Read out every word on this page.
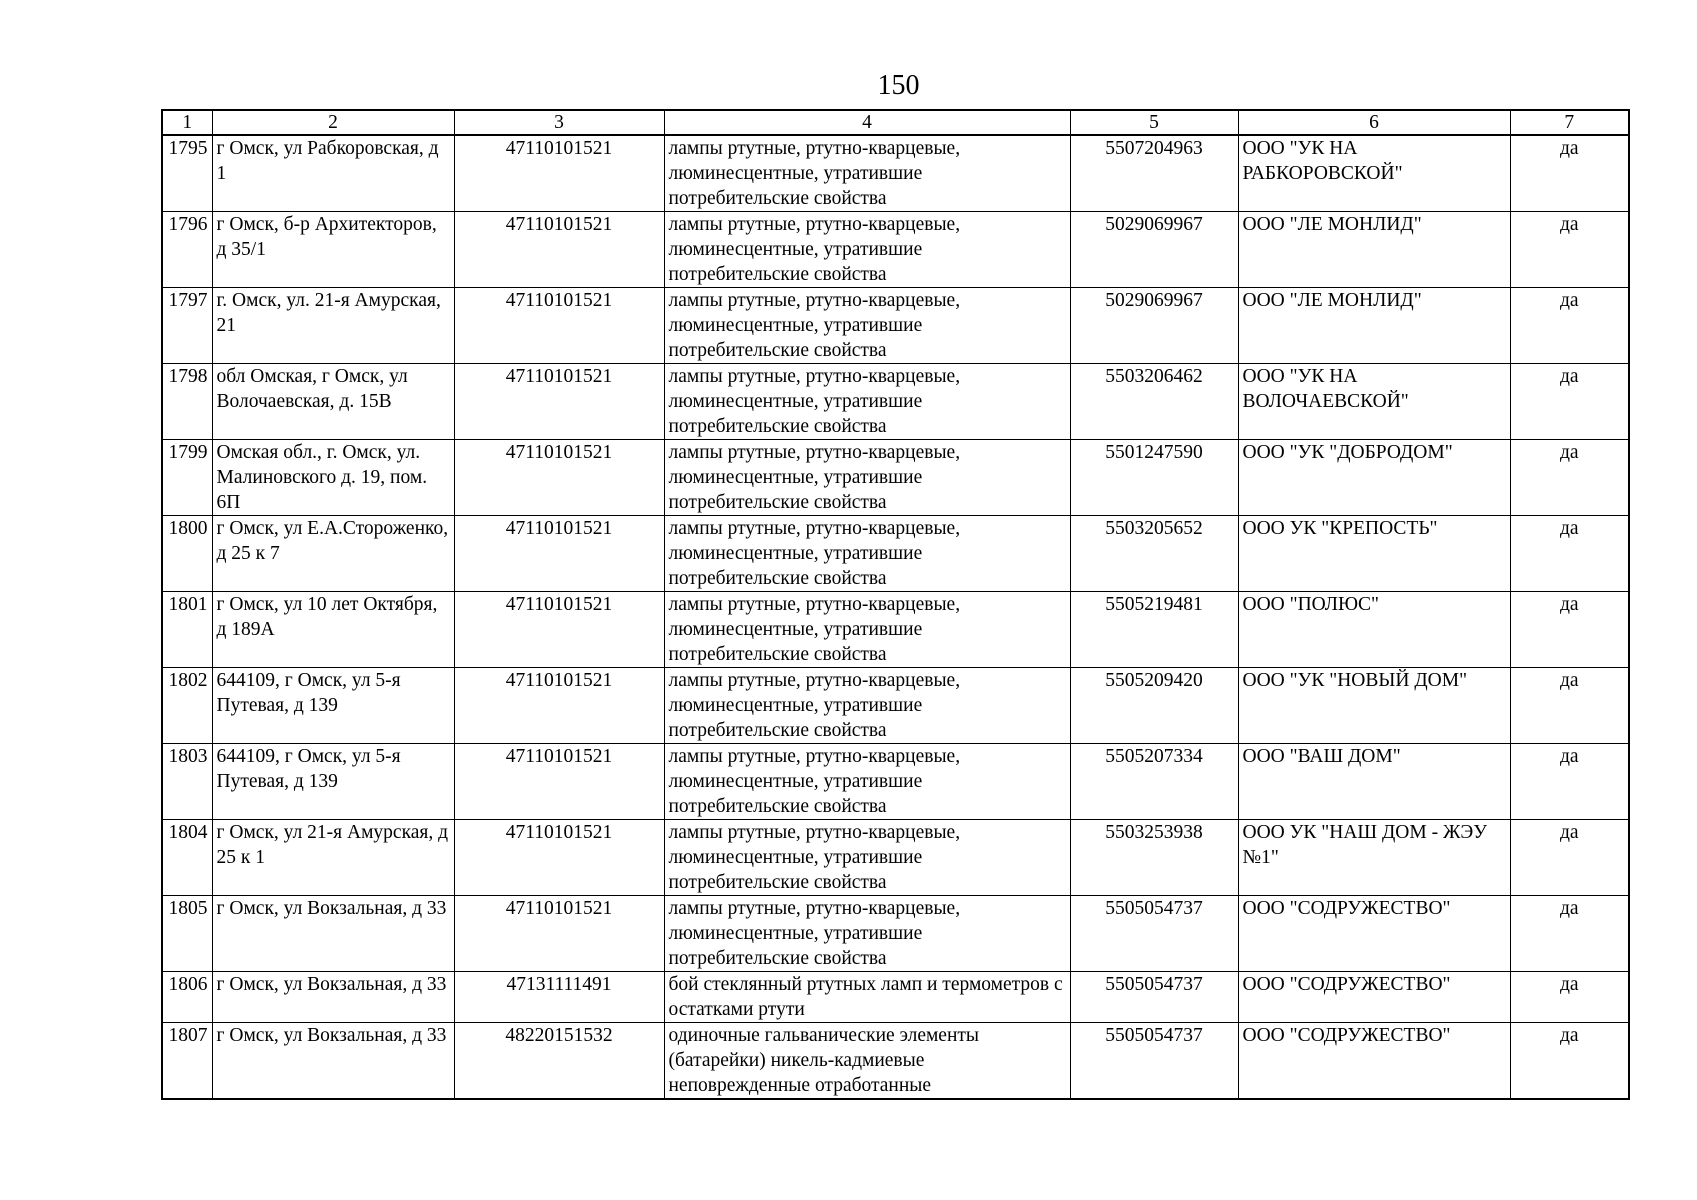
150
1	2	3	4	5	6	7
1795	г Омск, ул Рабкоровская, д 1	47110101521	лампы ртутные, ртутно-кварцевые, люминесцентные, утратившие потребительские свойства	5507204963	ООО "УК НА РАБКОРОВСКОЙ"	да
1796	г Омск, б-р Архитекторов, д 35/1	47110101521	лампы ртутные, ртутно-кварцевые, люминесцентные, утратившие потребительские свойства	5029069967	ООО "ЛЕ МОНЛИД"	да
1797	г. Омск, ул. 21-я Амурская, 21	47110101521	лампы ртутные, ртутно-кварцевые, люминесцентные, утратившие потребительские свойства	5029069967	ООО "ЛЕ МОНЛИД"	да
1798	обл Омская, г Омск, ул Волочаевская, д. 15В	47110101521	лампы ртутные, ртутно-кварцевые, люминесцентные, утратившие потребительские свойства	5503206462	ООО "УК НА ВОЛОЧАЕВСКОЙ"	да
1799	Омская обл., г. Омск, ул. Малиновского д. 19, пом. 6П	47110101521	лампы ртутные, ртутно-кварцевые, люминесцентные, утратившие потребительские свойства	5501247590	ООО "УК "ДОБРОДОМ"	да
1800	г Омск, ул Е.А.Стороженко, д 25 к 7	47110101521	лампы ртутные, ртутно-кварцевые, люминесцентные, утратившие потребительские свойства	5503205652	ООО УК "КРЕПОСТЬ"	да
1801	г Омск, ул 10 лет Октября, д 189А	47110101521	лампы ртутные, ртутно-кварцевые, люминесцентные, утратившие потребительские свойства	5505219481	ООО "ПОЛЮС"	да
1802	644109, г Омск, ул 5-я Путевая, д 139	47110101521	лампы ртутные, ртутно-кварцевые, люминесцентные, утратившие потребительские свойства	5505209420	ООО "УК "НОВЫЙ ДОМ"	да
1803	644109, г Омск, ул 5-я Путевая, д 139	47110101521	лампы ртутные, ртутно-кварцевые, люминесцентные, утратившие потребительские свойства	5505207334	ООО "ВАШ ДОМ"	да
1804	г Омск, ул 21-я Амурская, д 25 к 1	47110101521	лампы ртутные, ртутно-кварцевые, люминесцентные, утратившие потребительские свойства	5503253938	ООО УК "НАШ ДОМ - ЖЭУ №1"	да
1805	г Омск, ул Вокзальная, д 33	47110101521	лампы ртутные, ртутно-кварцевые, люминесцентные, утратившие потребительские свойства	5505054737	ООО "СОДРУЖЕСТВО"	да
1806	г Омск, ул Вокзальная, д 33	47131111491	бой стеклянный ртутных ламп и термометров с остатками ртути	5505054737	ООО "СОДРУЖЕСТВО"	да
1807	г Омск, ул Вокзальная, д 33	48220151532	одиночные гальванические элементы (батарейки) никель-кадмиевые неповрежденные отработанные	5505054737	ООО "СОДРУЖЕСТВО"	да
